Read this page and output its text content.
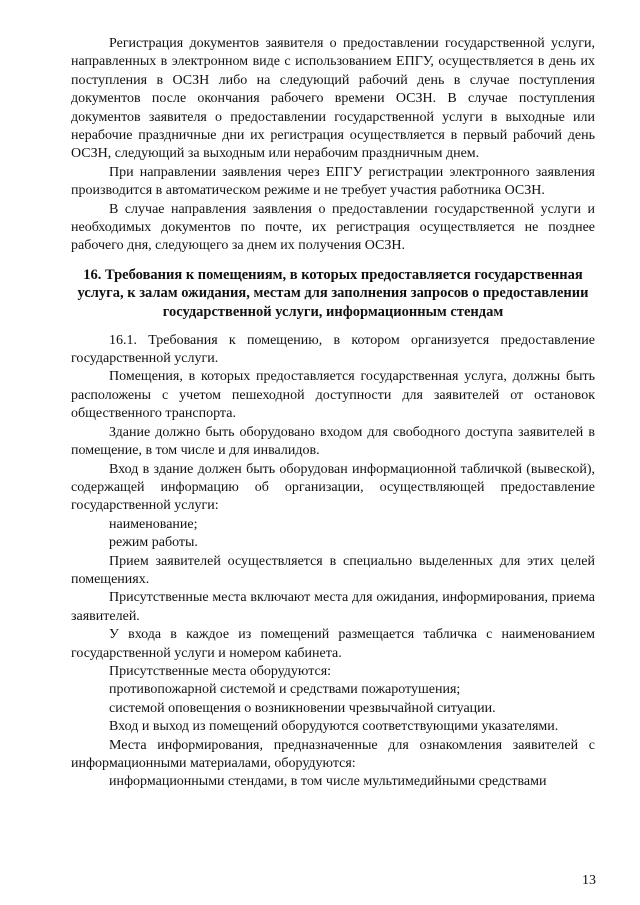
Регистрация документов заявителя о предоставлении государственной услуги, направленных в электронном виде с использованием ЕПГУ, осуществляется в день их поступления в ОСЗН либо на следующий рабочий день в случае поступления документов после окончания рабочего времени ОСЗН. В случае поступления документов заявителя о предоставлении государственной услуги в выходные или нерабочие праздничные дни их регистрация осуществляется в первый рабочий день ОСЗН, следующий за выходным или нерабочим праздничным днем.

При направлении заявления через ЕПГУ регистрации электронного заявления производится в автоматическом режиме и не требует участия работника ОСЗН.

В случае направления заявления о предоставлении государственной услуги и необходимых документов по почте, их регистрация осуществляется не позднее рабочего дня, следующего за днем их получения ОСЗН.

16. Требования к помещениям, в которых предоставляется государственная услуга, к залам ожидания, местам для заполнения запросов о предоставлении государственной услуги, информационным стендам

16.1. Требования к помещению, в котором организуется предоставление государственной услуги.

Помещения, в которых предоставляется государственная услуга, должны быть расположены с учетом пешеходной доступности для заявителей от остановок общественного транспорта.

Здание должно быть оборудовано входом для свободного доступа заявителей в помещение, в том числе и для инвалидов.

Вход в здание должен быть оборудован информационной табличкой (вывеской), содержащей информацию об организации, осуществляющей предоставление государственной услуги:

наименование;

режим работы.

Прием заявителей осуществляется в специально выделенных для этих целей помещениях.

Присутственные места включают места для ожидания, информирования, приема заявителей.

У входа в каждое из помещений размещается табличка с наименованием государственной услуги и номером кабинета.

Присутственные места оборудуются:

противопожарной системой и средствами пожаротушения;

системой оповещения о возникновении чрезвычайной ситуации.

Вход и выход из помещений оборудуются соответствующими указателями.

Места информирования, предназначенные для ознакомления заявителей с информационными материалами, оборудуются:

информационными стендами, в том числе мультимедийными средствами

13
